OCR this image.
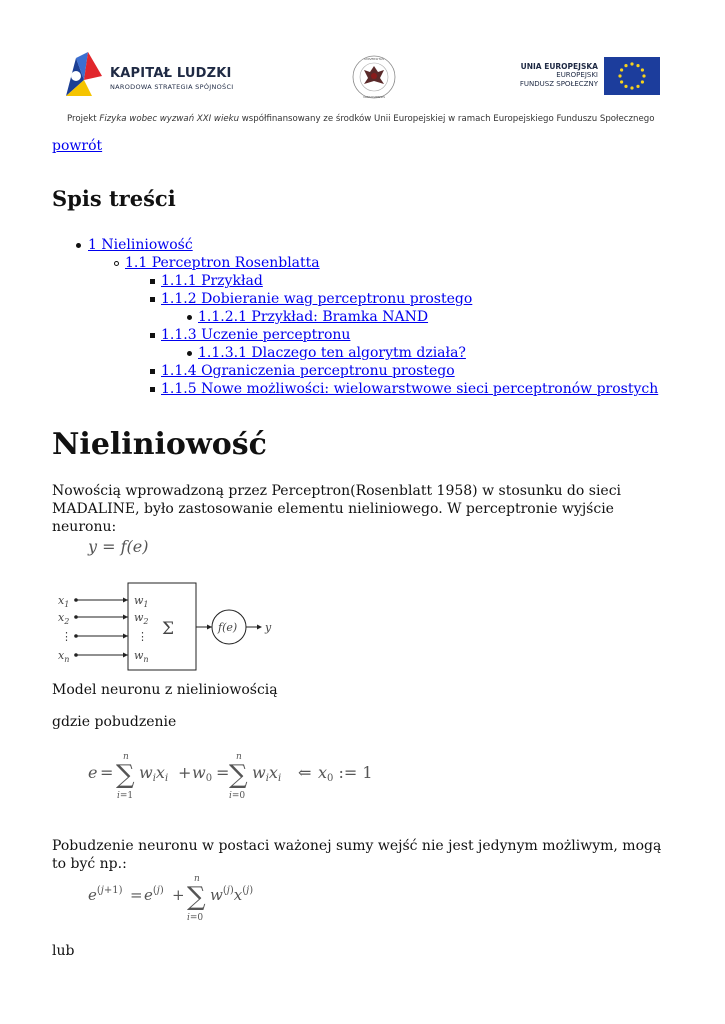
KAPITAŁ LUDZKI
NARODOWA STRATEGIA SPÓJNOŚCI
UNIVERSITAS
VARSOVIENSIS
UNIA EUROPEJSKA
EUROPEJSKI
FUNDUSZ SPOŁECZNY
Projekt Fizyka wobec wyzwań XXI wieku współfinansowany ze środków Unii Europejskiej w ramach Europejskiego Funduszu Społecznego
powrót
Spis treści
1 Nieliniowość
1.1 Perceptron Rosenblatta
1.1.1 Przykład
1.1.2 Dobieranie wag perceptronu prostego
1.1.2.1 Przykład: Bramka NAND
1.1.3 Uczenie perceptronu
1.1.3.1 Dlaczego ten algorytm działa?
1.1.4 Ograniczenia perceptronu prostego
1.1.5 Nowe możliwości: wielowarstwowe sieci perceptronów prostych
Nieliniowość

Nowością wprowadzoną przez Perceptron(Rosenblatt 1958) w stosunku do sieci MADALINE, było zastosowanie elementu nieliniowego. W perceptronie wyjście neuronu:

y = f(e)
$x_1$
$x_2$
⋮
$x_n$
$w_1$
$w_2$
⋮
$w_n$
Σ	f(e)	y

Model neuronu z nieliniowością

gdzie pobudzenie

e = ∑
n
i=1
wixi + w0 = ∑
n
i=0
wixi ⇐ x0 := 1

Pobudzenie neuronu w postaci ważonej sumy wejść nie jest jedynym możliwym, mogą to być np.:

e(j+1) = e(j) + ∑
n
i=0
w(j)x(j)

lub
